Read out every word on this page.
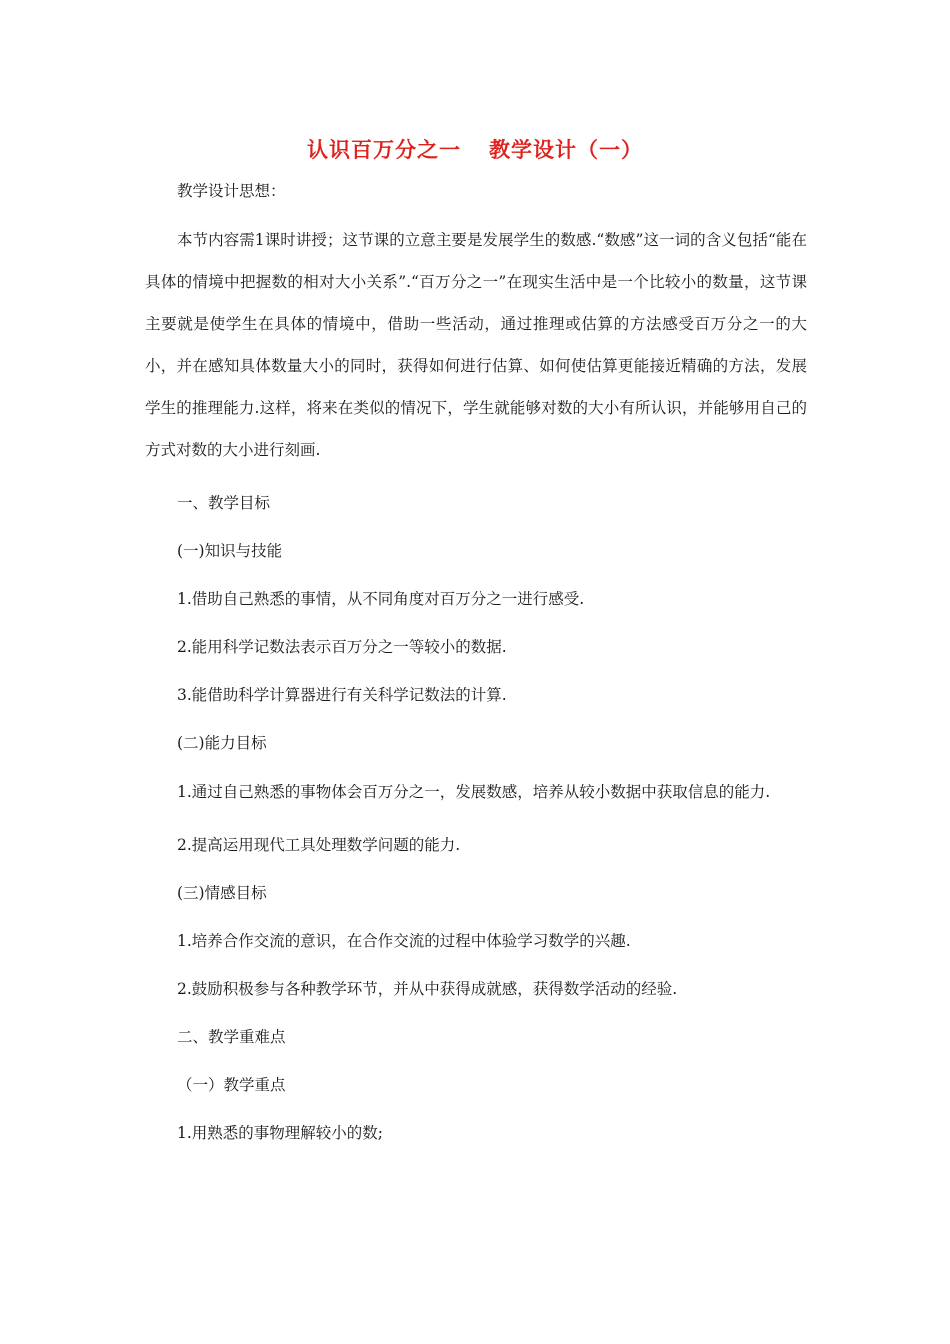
认识百万分之一 教学设计（一）

教学设计思想：

本节内容需1课时讲授；这节课的立意主要是发展学生的数感.“数感”这一词的含义包括“能在具体的情境中把握数的相对大小关系”.“百万分之一”在现实生活中是一个比较小的数量，这节课主要就是使学生在具体的情境中，借助一些活动，通过推理或估算的方法感受百万分之一的大小，并在感知具体数量大小的同时，获得如何进行估算、如何使估算更能接近精确的方法，发展学生的推理能力.这样，将来在类似的情况下，学生就能够对数的大小有所认识，并能够用自己的方式对数的大小进行刻画.

一、教学目标

(一)知识与技能

1.借助自己熟悉的事情，从不同角度对百万分之一进行感受.

2.能用科学记数法表示百万分之一等较小的数据.

3.能借助科学计算器进行有关科学记数法的计算.

(二)能力目标

1.通过自己熟悉的事物体会百万分之一，发展数感，培养从较小数据中获取信息的能力.

2.提高运用现代工具处理数学问题的能力.

(三)情感目标

1.培养合作交流的意识，在合作交流的过程中体验学习数学的兴趣.

2.鼓励积极参与各种教学环节，并从中获得成就感，获得数学活动的经验.

二、教学重难点

（一）教学重点

1.用熟悉的事物理解较小的数;
